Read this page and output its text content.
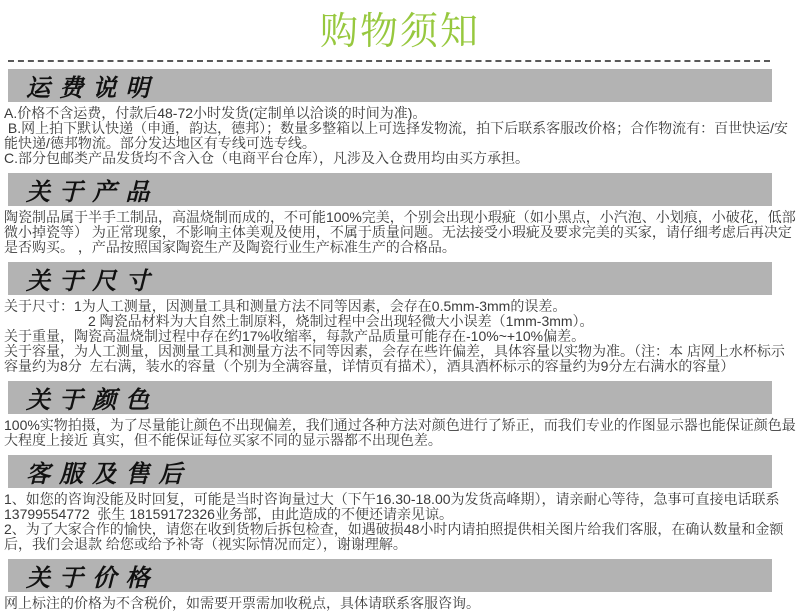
购物须知
运费说明

A.价格不含运费，付款后48-72小时发货(定制单以洽谈的时间为准)。

B.网上拍下默认快递（申通，韵达，德邦）；数量多整箱以上可选择发物流，拍下后联系客服改价格；合作物流有：百世快运/安能快递/德邦物流。部分发达地区有专线可选专线。

C.部分包邮类产品发货均不含入仓（电商平台仓库），凡涉及入仓费用均由买方承担。

关于产品

陶瓷制品属于半手工制品，高温烧制而成的，不可能100%完美，个别会出现小瑕疵（如小黑点，小汽泡、小划痕，小破花，低部微小掉瓷等） 为正常现象，不影响主体美观及使用，不属于质量问题。无法接受小瑕疵及要求完美的买家，请仔细考虑后再决定是否购买。 ，产品按照国家陶瓷生产及陶瓷行业生产标准生产的合格品。

关于尺寸

关于尺寸：1为人工测量，因测量工具和测量方法不同等因素，会存在0.5mm-3mm的误差。

　　　　　　2 陶瓷品材料为大自然土制原料，烧制过程中会出现轻微大小误差（1mm-3mm）。

关于重量，陶瓷高温烧制过程中存在约17%收缩率，每款产品质量可能存在-10%~+10%偏差。

关于容量，为人工测量，因测量工具和测量方法不同等因素，会存在些许偏差，具体容量以实物为准。（注：本 店网上水杯标示容量约为8分  左右满，装水的容量（个别为全满容量，详情页有描术），酒具酒杯标示的容量约为9分左右满水的容量）

关于颜色

100%实物拍摄，为了尽量能让颜色不出现偏差，我们通过各种方法对颜色进行了矫正，而我们专业的作图显示器也能保证颜色最大程度上接近 真实，但不能保证每位买家不同的显示器都不出现色差。

客服及售后

1、如您的咨询没能及时回复，可能是当时咨询量过大（下午16.30-18.00为发货高峰期），请亲耐心等待，急事可直接电话联系13799554772  张生 18159172326业务部，由此造成的不便还请亲见谅。

2、为了大家合作的愉快，请您在收到货物后拆包检查，如遇破损48小时内请拍照提供相关图片给我们客服，在确认数量和金额后，我们会退款 给您或给予补寄（视实际情况而定），谢谢理解。

关于价格

网上标注的价格为不含税价，如需要开票需加收税点，具体请联系客服咨询。
